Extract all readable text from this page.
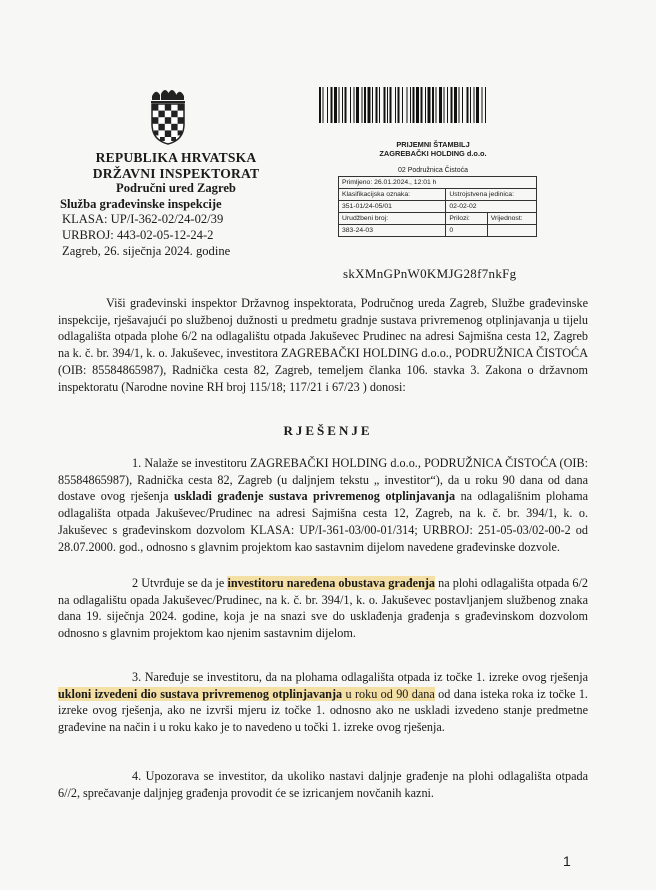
REPUBLIKA HRVATSKA
DRŽAVNI INSPEKTORAT
Područni ured Zagreb
Služba građevinske inspekcije
KLASA: UP/I-362-02/24-02/39
URBROJ: 443-02-05-12-24-2
Zagreb, 26. siječnja 2024. godine
PRIJEMNI ŠTAMBILJ
ZAGREBAČKI HOLDING d.o.o.
02 Podružnica Čistoća
Primljeno: 26.01.2024., 12:01 h
Klasifikacijska oznaka:	Ustrojstvena jedinica:
351-01/24-05/01	02-02-02
Urudžbeni broj:	Prilozi:	Vrijednost:
383-24-03	0
skXMnGPnW0KMJG28f7nkFg
Viši građevinski inspektor Državnog inspektorata, Područnog ureda Zagreb, Službe građevinske inspekcije, rješavajući po službenoj dužnosti u predmetu gradnje sustava privremenog otplinjavanja u tijelu odlagališta otpada plohe 6/2 na odlagalištu otpada Jakuševec Prudinec na adresi Sajmišna cesta 12, Zagreb na k. č. br. 394/1, k. o. Jakuševec, investitora ZAGREBAČKI HOLDING d.o.o., PODRUŽNICA ČISTOĆA (OIB: 85584865987), Radnička cesta 82, Zagreb, temeljem članka 106. stavka 3. Zakona o državnom inspektoratu (Narodne novine RH broj 115/18; 117/21 i 67/23 ) donosi:
RJEŠENJE
1. Nalaže se investitoru ZAGREBAČKI HOLDING d.o.o., PODRUŽNICA ČISTOĆA (OIB: 85584865987), Radnička cesta 82, Zagreb (u daljnjem tekstu „ investitor“), da u roku 90 dana od dana dostave ovog rješenja uskladi građenje sustava privremenog otplinjavanja na odlagališnim plohama odlagališta otpada Jakuševec/Prudinec na adresi Sajmišna cesta 12, Zagreb, na k. č. br. 394/1, k. o. Jakuševec s građevinskom dozvolom KLASA: UP/I-361-03/00-01/314; URBROJ: 251-05-03/02-00-2 od 28.07.2000. god., odnosno s glavnim projektom kao sastavnim dijelom navedene građevinske dozvole.
2 Utvrđuje se da je investitoru naređena obustava građenja na plohi odlagališta otpada 6/2 na odlagalištu opada Jakuševec/Prudinec, na k. č. br. 394/1, k. o. Jakuševec postavljanjem službenog znaka dana 19. siječnja 2024. godine, koja je na snazi sve do usklađenja građenja s građevinskom dozvolom odnosno s glavnim projektom kao njenim sastavnim dijelom.
3. Naređuje se investitoru, da na plohama odlagališta otpada iz točke 1. izreke ovog rješenja ukloni izvedeni dio sustava privremenog otplinjavanja u roku od 90 dana od dana isteka roka iz točke 1. izreke ovog rješenja, ako ne izvrši mjeru iz točke 1. odnosno ako ne uskladi izvedeno stanje predmetne građevine na način i u roku kako je to navedeno u točki 1. izreke ovog rješenja.
4. Upozorava se investitor, da ukoliko nastavi daljnje građenje na plohi odlagališta otpada 6//2, sprečavanje daljnjeg građenja provodit će se izricanjem novčanih kazni.
1
